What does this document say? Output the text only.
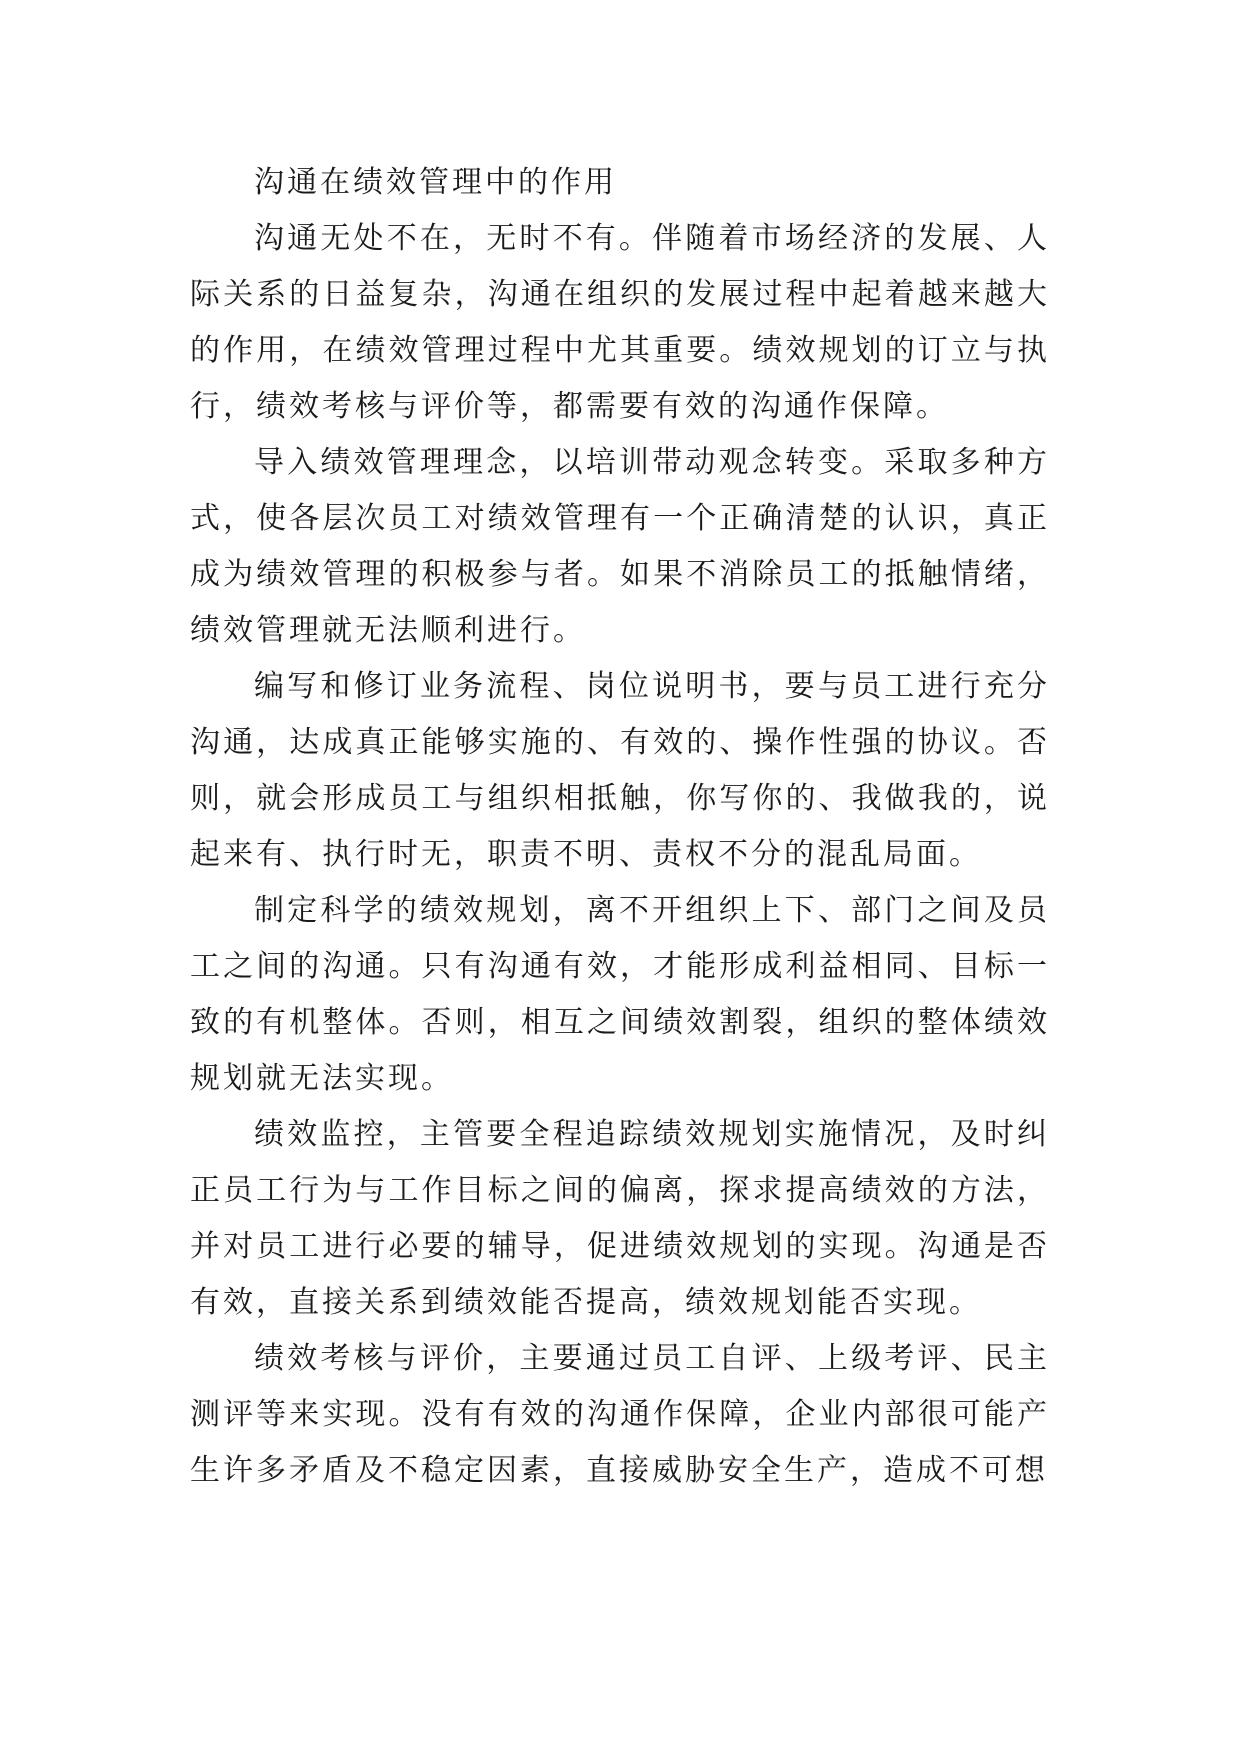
沟通在绩效管理中的作用

沟通无处不在，无时不有。伴随着市场经济的发展、人际关系的日益复杂，沟通在组织的发展过程中起着越来越大的作用，在绩效管理过程中尤其重要。绩效规划的订立与执行，绩效考核与评价等，都需要有效的沟通作保障。

导入绩效管理理念，以培训带动观念转变。采取多种方式，使各层次员工对绩效管理有一个正确清楚的认识，真正成为绩效管理的积极参与者。如果不消除员工的抵触情绪，绩效管理就无法顺利进行。

编写和修订业务流程、岗位说明书，要与员工进行充分沟通，达成真正能够实施的、有效的、操作性强的协议。否则，就会形成员工与组织相抵触，你写你的、我做我的，说起来有、执行时无，职责不明、责权不分的混乱局面。

制定科学的绩效规划，离不开组织上下、部门之间及员工之间的沟通。只有沟通有效，才能形成利益相同、目标一致的有机整体。否则，相互之间绩效割裂，组织的整体绩效规划就无法实现。

绩效监控，主管要全程追踪绩效规划实施情况，及时纠正员工行为与工作目标之间的偏离，探求提高绩效的方法，并对员工进行必要的辅导，促进绩效规划的实现。沟通是否有效，直接关系到绩效能否提高，绩效规划能否实现。

绩效考核与评价，主要通过员工自评、上级考评、民主测评等来实现。没有有效的沟通作保障，企业内部很可能产生许多矛盾及不稳定因素，直接威胁安全生产，造成不可想
